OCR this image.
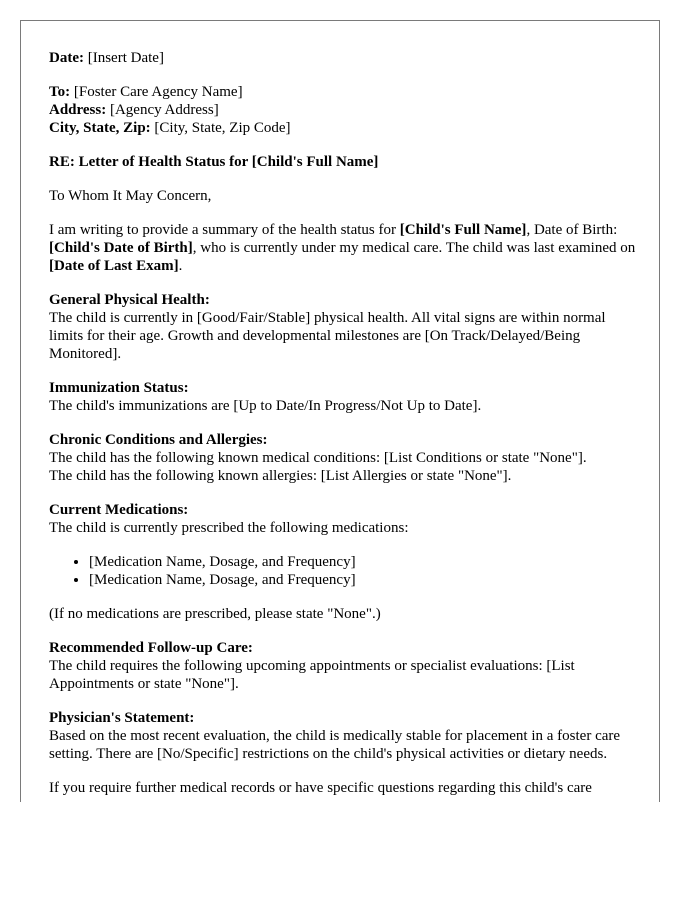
Date: [Insert Date]

To: [Foster Care Agency Name]
Address: [Agency Address]
City, State, Zip: [City, State, Zip Code]

RE: Letter of Health Status for [Child's Full Name]

To Whom It May Concern,

I am writing to provide a summary of the health status for [Child's Full Name], Date of Birth: [Child's Date of Birth], who is currently under my medical care. The child was last examined on [Date of Last Exam].

General Physical Health:
The child is currently in [Good/Fair/Stable] physical health. All vital signs are within normal limits for their age. Growth and developmental milestones are [On Track/Delayed/Being Monitored].
Immunization Status:
The child's immunizations are [Up to Date/In Progress/Not Up to Date].
Chronic Conditions and Allergies:
The child has the following known medical conditions: [List Conditions or state "None"].
The child has the following known allergies: [List Allergies or state "None"].
Current Medications:
The child is currently prescribed the following medications:
• [Medication Name, Dosage, and Frequency]
• [Medication Name, Dosage, and Frequency]

(If no medications are prescribed, please state "None".)

Recommended Follow-up Care:
The child requires the following upcoming appointments or specialist evaluations: [List Appointments or state "None"].
Physician's Statement:
Based on the most recent evaluation, the child is medically stable for placement in a foster care setting. There are [No/Specific] restrictions on the child's physical activities or dietary needs.

If you require further medical records or have specific questions regarding this child's care
